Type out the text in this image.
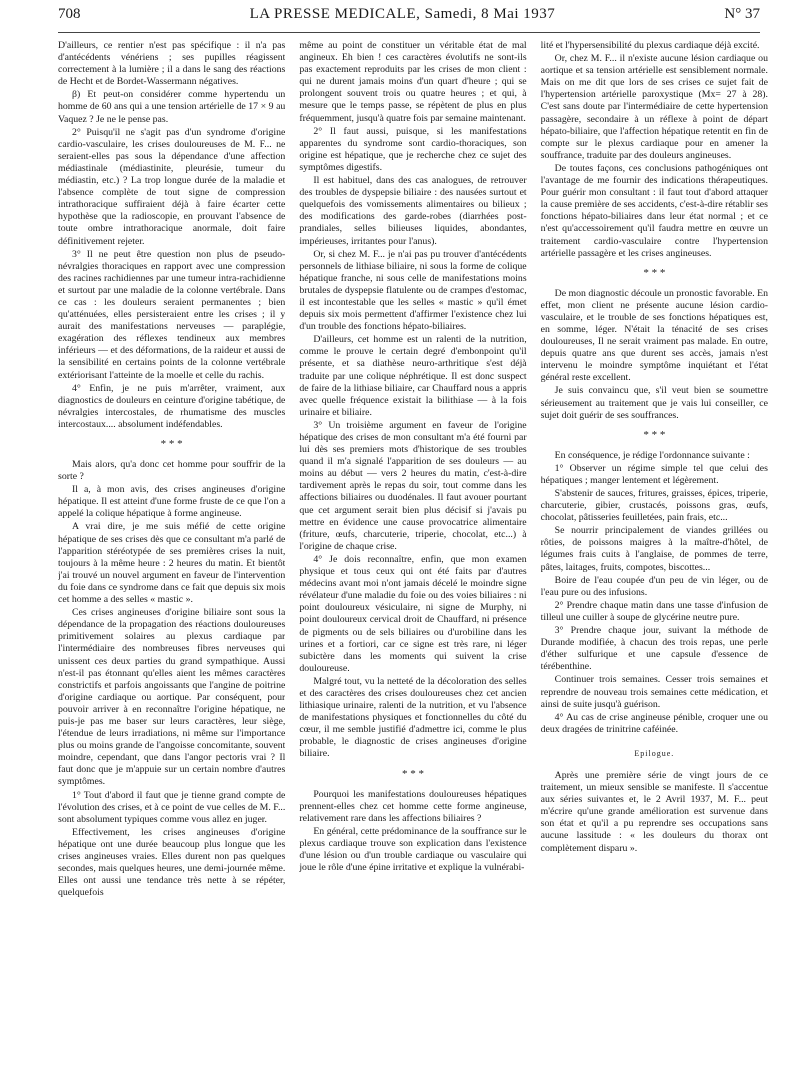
708	LA PRESSE MEDICALE, Samedi, 8 Mai 1937	N° 37

D'ailleurs, ce rentier n'est pas spécifique : il n'a pas d'antécédents vénériens ; ses pupilles réagissent correctement à la lumière ; il a dans le sang des réactions de Hecht et de Bordet-Wassermann négatives.

β) Et peut-on considérer comme hypertendu un homme de 60 ans qui a une tension artérielle de 17 × 9 au Vaquez ? Je ne le pense pas.

2° Puisqu'il ne s'agit pas d'un syndrome d'origine cardio-vasculaire, les crises douloureuses de M. F... ne seraient-elles pas sous la dépendance d'une affection médiastinale (médiastinite, pleurésie, tumeur du médiastin, etc.) ? La trop longue durée de la maladie et l'absence complète de tout signe de compression intrathoracique suffiraient déjà à faire écarter cette hypothèse que la radioscopie, en prouvant l'absence de toute ombre intrathoracique anormale, doit faire définitivement rejeter.

3° Il ne peut être question non plus de pseudo-névralgies thoraciques en rapport avec une compression des racines rachidiennes par une tumeur intra-rachidienne et surtout par une maladie de la colonne vertébrale. Dans ce cas : les douleurs seraient permanentes ; bien qu'atténuées, elles persisteraient entre les crises ; il y aurait des manifestations nerveuses — paraplégie, exagération des réflexes tendineux aux membres inférieurs — et des déformations, de la raideur et aussi de la sensibilité en certains points de la colonne vertébrale extériorisant l'atteinte de la moelle et celle du rachis.

4° Enfin, je ne puis m'arrêter, vraiment, aux diagnostics de douleurs en ceinture d'origine tabétique, de névralgies intercostales, de rhumatisme des muscles intercostaux.... absolument indéfendables.

* * *

Mais alors, qu'a donc cet homme pour souffrir de la sorte ?

Il a, à mon avis, des crises angineuses d'origine hépatique. Il est atteint d'une forme fruste de ce que l'on a appelé la colique hépatique à forme angineuse.

A vrai dire, je me suis méfié de cette origine hépatique de ses crises dès que ce consultant m'a parlé de l'apparition stéréotypée de ses premières crises la nuit, toujours à la même heure : 2 heures du matin. Et bientôt j'ai trouvé un nouvel argument en faveur de l'intervention du foie dans ce syndrome dans ce fait que depuis six mois cet homme a des selles « mastic ».

Ces crises angineuses d'origine biliaire sont sous la dépendance de la propagation des réactions douloureuses primitivement solaires au plexus cardiaque par l'intermédiaire des nombreuses fibres nerveuses qui unissent ces deux parties du grand sympathique. Aussi n'est-il pas étonnant qu'elles aient les mêmes caractères constrictifs et parfois angoissants que l'angine de poitrine d'origine cardiaque ou aortique. Par conséquent, pour pouvoir arriver à en reconnaître l'origine hépatique, ne puis-je pas me baser sur leurs caractères, leur siège, l'étendue de leurs irradiations, ni même sur l'importance plus ou moins grande de l'angoisse concomitante, souvent moindre, cependant, que dans l'angor pectoris vrai ? Il faut donc que je m'appuie sur un certain nombre d'autres symptômes.

1° Tout d'abord il faut que je tienne grand compte de l'évolution des crises, et à ce point de vue celles de M. F... sont absolument typiques comme vous allez en juger.

Effectivement, les crises angineuses d'origine hépatique ont une durée beaucoup plus longue que les crises angineuses vraies. Elles durent non pas quelques secondes, mais quelques heures, une demi-journée même. Elles ont aussi une tendance très nette à se répéter, quelquefois

même au point de constituer un véritable état de mal angineux. Eh bien ! ces caractères évolutifs ne sont-ils pas exactement reproduits par les crises de mon client : qui ne durent jamais moins d'un quart d'heure ; qui se prolongent souvent trois ou quatre heures ; et qui, à mesure que le temps passe, se répètent de plus en plus fréquemment, jusqu'à quatre fois par semaine maintenant.

2° Il faut aussi, puisque, si les manifestations apparentes du syndrome sont cardio-thoraciques, son origine est hépatique, que je recherche chez ce sujet des symptômes digestifs.

Il est habituel, dans des cas analogues, de retrouver des troubles de dyspepsie biliaire : des nausées surtout et quelquefois des vomissements alimentaires ou bilieux ; des modifications des garde-robes (diarrhées post-prandiales, selles bilieuses liquides, abondantes, impérieuses, irritantes pour l'anus).

Or, si chez M. F... je n'ai pas pu trouver d'antécédents personnels de lithiase biliaire, ni sous la forme de colique hépatique franche, ni sous celle de manifestations moins brutales de dyspepsie flatulente ou de crampes d'estomac, il est incontestable que les selles « mastic » qu'il émet depuis six mois permettent d'affirmer l'existence chez lui d'un trouble des fonctions hépato-biliaires.

D'ailleurs, cet homme est un ralenti de la nutrition, comme le prouve le certain degré d'embonpoint qu'il présente, et sa diathèse neuro-arthritique s'est déjà traduite par une colique néphrétique. Il est donc suspect de faire de la lithiase biliaire, car Chauffard nous a appris avec quelle fréquence existait la bilithiase — à la fois urinaire et biliaire.

3° Un troisième argument en faveur de l'origine hépatique des crises de mon consultant m'a été fourni par lui dès ses premiers mots d'historique de ses troubles quand il m'a signalé l'apparition de ses douleurs — au moins au début — vers 2 heures du matin, c'est-à-dire tardivement après le repas du soir, tout comme dans les affections biliaires ou duodénales. Il faut avouer pourtant que cet argument serait bien plus décisif si j'avais pu mettre en évidence une cause provocatrice alimentaire (friture, œufs, charcuterie, triperie, chocolat, etc...) à l'origine de chaque crise.

4° Je dois reconnaître, enfin, que mon examen physique et tous ceux qui ont été faits par d'autres médecins avant moi n'ont jamais décelé le moindre signe révélateur d'une maladie du foie ou des voies biliaires : ni point douloureux vésiculaire, ni signe de Murphy, ni point douloureux cervical droit de Chauffard, ni présence de pigments ou de sels biliaires ou d'urobiline dans les urines et a fortiori, car ce signe est très rare, ni léger subictère dans les moments qui suivent la crise douloureuse.

Malgré tout, vu la netteté de la décoloration des selles et des caractères des crises douloureuses chez cet ancien lithiasique urinaire, ralenti de la nutrition, et vu l'absence de manifestations physiques et fonctionnelles du côté du cœur, il me semble justifié d'admettre ici, comme le plus probable, le diagnostic de crises angineuses d'origine biliaire.

* * *

Pourquoi les manifestations douloureuses hépatiques prennent-elles chez cet homme cette forme angineuse, relativement rare dans les affections biliaires ?

En général, cette prédominance de la souffrance sur le plexus cardiaque trouve son explication dans l'existence d'une lésion ou d'un trouble cardiaque ou vasculaire qui joue le rôle d'une épine irritative et explique la vulnérabi-

lité et l'hypersensibilité du plexus cardiaque déjà excité.

Or, chez M. F... il n'existe aucune lésion cardiaque ou aortique et sa tension artérielle est sensiblement normale. Mais on me dit que lors de ses crises ce sujet fait de l'hypertension artérielle paroxystique (Mx= 27 à 28). C'est sans doute par l'intermédiaire de cette hypertension passagère, secondaire à un réflexe à point de départ hépato-biliaire, que l'affection hépatique retentit en fin de compte sur le plexus cardiaque pour en amener la souffrance, traduite par des douleurs angineuses.

De toutes façons, ces conclusions pathogéniques ont l'avantage de me fournir des indications thérapeutiques. Pour guérir mon consultant : il faut tout d'abord attaquer la cause première de ses accidents, c'est-à-dire rétablir ses fonctions hépato-biliaires dans leur état normal ; et ce n'est qu'accessoirement qu'il faudra mettre en œuvre un traitement cardio-vasculaire contre l'hypertension artérielle passagère et les crises angineuses.

* * *

De mon diagnostic découle un pronostic favorable. En effet, mon client ne présente aucune lésion cardio-vasculaire, et le trouble de ses fonctions hépatiques est, en somme, léger. N'était la ténacité de ses crises douloureuses, Il ne serait vraiment pas malade. En outre, depuis quatre ans que durent ses accès, jamais n'est intervenu le moindre symptôme inquiétant et l'état général reste excellent.

Je suis convaincu que, s'il veut bien se soumettre sérieusement au traitement que je vais lui conseiller, ce sujet doit guérir de ses souffrances.

* * *

En conséquence, je rédige l'ordonnance suivante :

1° Observer un régime simple tel que celui des hépatiques ; manger lentement et légèrement.

S'abstenir de sauces, fritures, graisses, épices, triperie, charcuterie, gibier, crustacés, poissons gras, œufs, chocolat, pâtisseries feuilletées, pain frais, etc...

Se nourrir principalement de viandes grillées ou rôties, de poissons maigres à la maître-d'hôtel, de légumes frais cuits à l'anglaise, de pommes de terre, pâtes, laitages, fruits, compotes, biscottes...

Boire de l'eau coupée d'un peu de vin léger, ou de l'eau pure ou des infusions.

2° Prendre chaque matin dans une tasse d'infusion de tilleul une cuiller à soupe de glycérine neutre pure.

3° Prendre chaque jour, suivant la méthode de Durande modifiée, à chacun des trois repas, une perle d'éther sulfurique et une capsule d'essence de térébenthine.

Continuer trois semaines. Cesser trois semaines et reprendre de nouveau trois semaines cette médication, et ainsi de suite jusqu'à guérison.

4° Au cas de crise angineuse pénible, croquer une ou deux dragées de trinitrine caféinée.

Epilogue.

Après une première série de vingt jours de ce traitement, un mieux sensible se manifeste. Il s'accentue aux séries suivantes et, le 2 Avril 1937, M. F... peut m'écrire qu'une grande amélioration est survenue dans son état et qu'il a pu reprendre ses occupations sans aucune lassitude : « les douleurs du thorax ont complètement disparu ».
